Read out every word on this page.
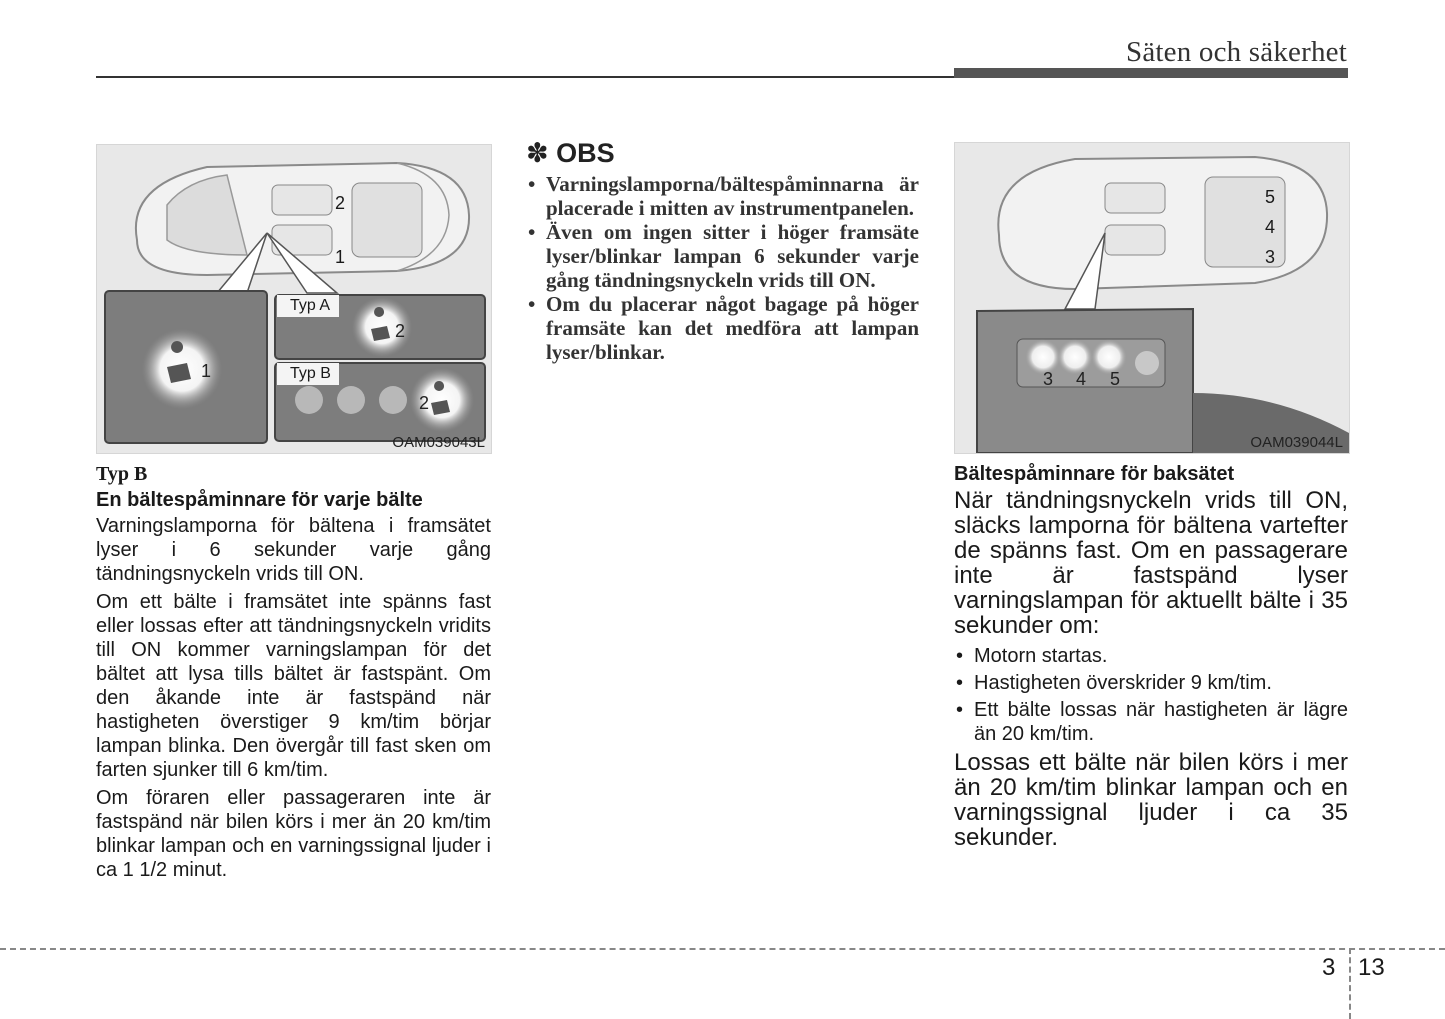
Säten och säkerhet
2
1
Typ A
Typ B
1
2
2
OAM039043L
5
4
3
3 4 5
OAM039044L

Typ B

En bältespåminnare för varje bälte

Varningslamporna för bältena i framsätet lyser i 6 sekunder varje gång tändningsnyckeln vrids till ON.

Om ett bälte i framsätet inte spänns fast eller lossas efter att tändningsnyckeln vridits till ON kommer varningslampan för det bältet att lysa tills bältet är fastspänt. Om den åkande inte är fastspänd när hastigheten överstiger 9 km/tim börjar lampan blinka. Den övergår till fast sken om farten sjunker till 6 km/tim.

Om föraren eller passageraren inte är fastspänd när bilen körs i mer än 20 km/tim blinkar lampan och en varningssignal ljuder i ca 1 1/2 minut.

✽ OBS
• Varningslamporna/bältespåminnarna är placerade i mitten av instrumentpanelen.
• Även om ingen sitter i höger framsäte lyser/blinkar lampan 6 sekunder varje gång tändningsnyckeln vrids till ON.
• Om du placerar något bagage på höger framsäte kan det medföra att lampan lyser/blinkar.

Bältespåminnare för baksätet

När tändningsnyckeln vrids till ON, släcks lamporna för bältena vartefter de spänns fast. Om en passagerare inte är fastspänd lyser varningslampan för aktuellt bälte i 35 sekunder om:

• Motorn startas.
• Hastigheten överskrider 9 km/tim.
• Ett bälte lossas när hastigheten är lägre än 20 km/tim.

Lossas ett bälte när bilen körs i mer än 20 km/tim blinkar lampan och en varningssignal ljuder i ca 35 sekunder.

3 13
